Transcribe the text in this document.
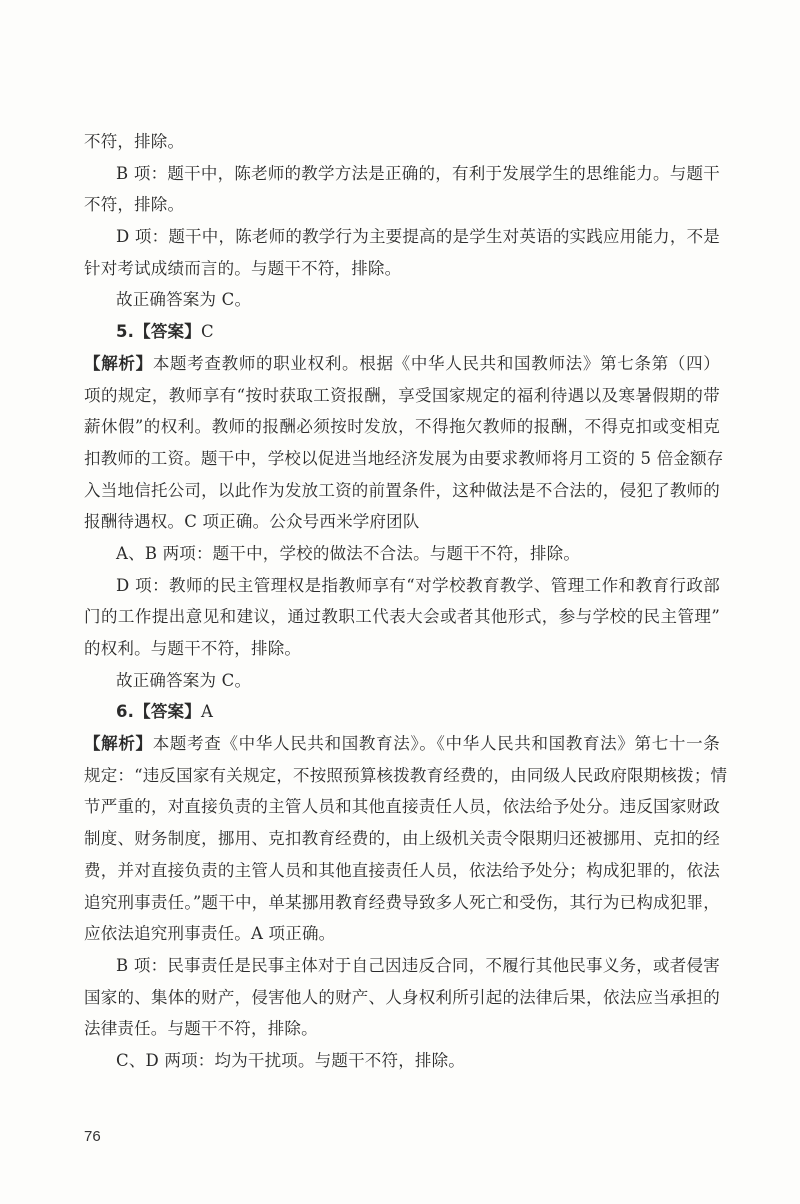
不符，排除。
B 项：题干中，陈老师的教学方法是正确的，有利于发展学生的思维能力。与题干
不符，排除。
D 项：题干中，陈老师的教学行为主要提高的是学生对英语的实践应用能力，不是
针对考试成绩而言的。与题干不符，排除。
故正确答案为 C。
5.【答案】C
【解析】本题考查教师的职业权利。根据《中华人民共和国教师法》第七条第（四）
项的规定，教师享有“按时获取工资报酬，享受国家规定的福利待遇以及寒暑假期的带
薪休假”的权利。教师的报酬必须按时发放，不得拖欠教师的报酬，不得克扣或变相克
扣教师的工资。题干中，学校以促进当地经济发展为由要求教师将月工资的 5 倍金额存
入当地信托公司，以此作为发放工资的前置条件，这种做法是不合法的，侵犯了教师的
报酬待遇权。C 项正确。公众号西米学府团队
A、B 两项：题干中，学校的做法不合法。与题干不符，排除。
D 项：教师的民主管理权是指教师享有“对学校教育教学、管理工作和教育行政部
门的工作提出意见和建议，通过教职工代表大会或者其他形式，参与学校的民主管理”
的权利。与题干不符，排除。
故正确答案为 C。
6.【答案】A
【解析】本题考查《中华人民共和国教育法》。《中华人民共和国教育法》第七十一条
规定：“违反国家有关规定，不按照预算核拨教育经费的，由同级人民政府限期核拨；情
节严重的，对直接负责的主管人员和其他直接责任人员，依法给予处分。违反国家财政
制度、财务制度，挪用、克扣教育经费的，由上级机关责令限期归还被挪用、克扣的经
费，并对直接负责的主管人员和其他直接责任人员，依法给予处分；构成犯罪的，依法
追究刑事责任。”题干中，单某挪用教育经费导致多人死亡和受伤，其行为已构成犯罪，
应依法追究刑事责任。A 项正确。
B 项：民事责任是民事主体对于自己因违反合同，不履行其他民事义务，或者侵害
国家的、集体的财产，侵害他人的财产、人身权利所引起的法律后果，依法应当承担的
法律责任。与题干不符，排除。
C、D 两项：均为干扰项。与题干不符，排除。
76
